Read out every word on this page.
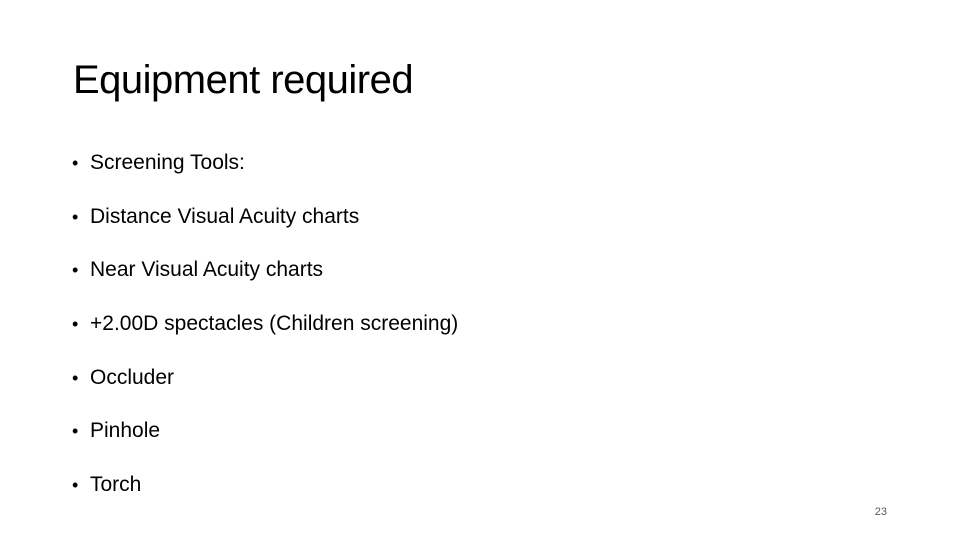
Equipment required
• Screening Tools:
• Distance Visual Acuity charts
• Near Visual Acuity charts
• +2.00D spectacles (Children screening)
• Occluder
• Pinhole
• Torch
23
